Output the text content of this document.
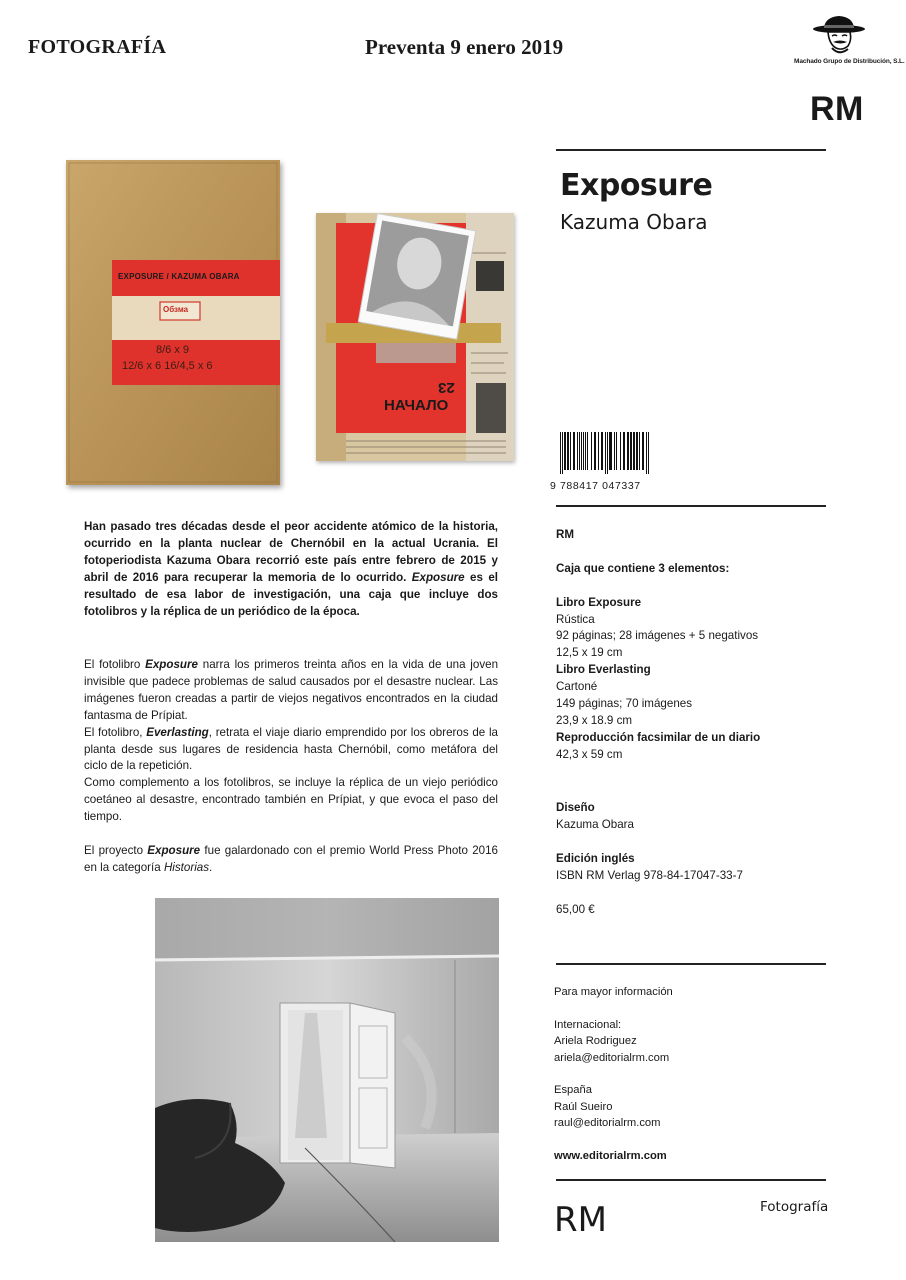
FOTOGRAFÍA	Preventa 9 enero 2019
Machado Grupo de Distribución, S.L.
RM
Exposure
Kazuma Obara
EXPOSURE / KAZUMA OBARA
Обзма
8/6 x 9
12/6 x 6 16/4,5 x 6
НАЧАЛО
23
9 788417 047337
Han pasado tres décadas desde el peor accidente atómico de la historia, ocurrido en la planta nuclear de Chernóbil en la actual Ucrania. El fotoperiodista Kazuma Obara recorrió este país entre febrero de 2015 y abril de 2016 para recuperar la memoria de lo ocurrido. Exposure es el resultado de esa labor de investigación, una caja que incluye dos fotolibros y la réplica de un periódico de la época.

El fotolibro Exposure narra los primeros treinta años en la vida de una joven invisible que padece problemas de salud causados por el desastre nuclear. Las imágenes fueron creadas a partir de viejos negativos encontrados en la ciudad fantasma de Prípiat.

El fotolibro, Everlasting, retrata el viaje diario emprendido por los obreros de la planta desde sus lugares de residencia hasta Chernóbil, como metáfora del ciclo de la repetición.

Como complemento a los fotolibros, se incluye la réplica de un viejo periódico coetáneo al desastre, encontrado también en Prípiat, y que evoca el paso del tiempo.

El proyecto Exposure fue galardonado con el premio World Press Photo 2016 en la categoría Historias.

RM
Caja que contiene 3 elementos:
Libro Exposure
Rústica
92 páginas; 28 imágenes + 5 negativos
12,5 x 19 cm
Libro Everlasting
Cartoné
149 páginas; 70 imágenes
23,9 x 18.9 cm
Reproducción facsimilar de un diario
42,3 x 59 cm
Diseño
Kazuma Obara
Edición inglés
ISBN RM Verlag 978-84-17047-33-7
65,00 €
Para mayor información
Internacional:
Ariela Rodriguez
ariela@editorialrm.com
España
Raúl Sueiro
raul@editorialrm.com
www.editorialrm.com
RM	Fotografía
